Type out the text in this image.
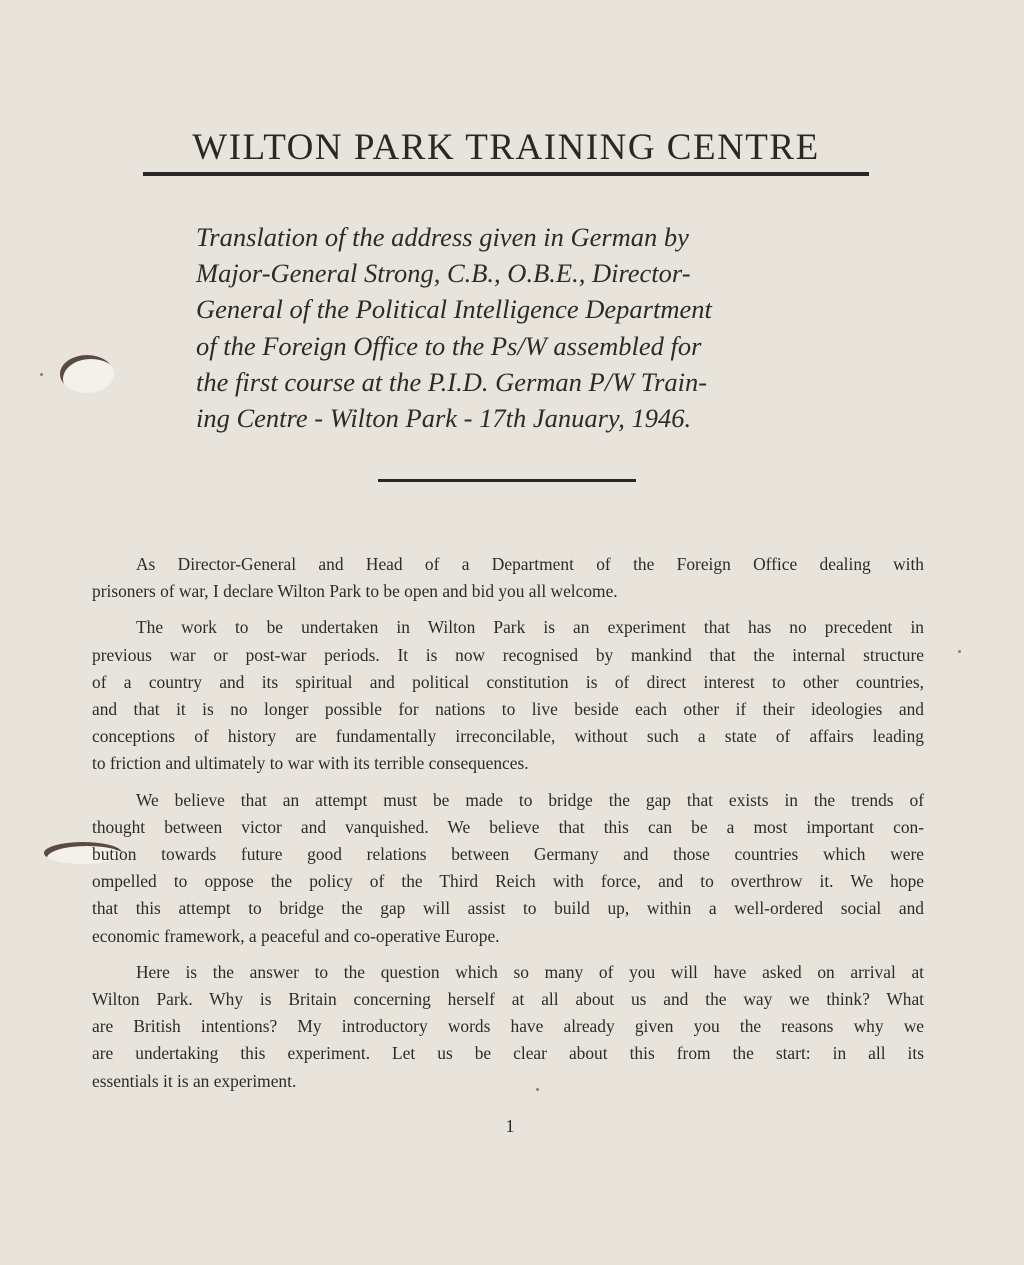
WILTON PARK TRAINING CENTRE
Translation of the address given in German by
Major-General Strong, C.B., O.B.E., Director-
General of the Political Intelligence Department
of the Foreign Office to the Ps/W assembled for
the first course at the P.I.D. German P/W Train-
ing Centre - Wilton Park - 17th January, 1946.
As Director-General and Head of a Department of the Foreign Office dealing with
prisoners of war, I declare Wilton Park to be open and bid you all welcome.
The work to be undertaken in Wilton Park is an experiment that has no precedent in
previous war or post-war periods. It is now recognised by mankind that the internal structure
of a country and its spiritual and political constitution is of direct interest to other countries,
and that it is no longer possible for nations to live beside each other if their ideologies and
conceptions of history are fundamentally irreconcilable, without such a state of affairs leading
to friction and ultimately to war with its terrible consequences.
We believe that an attempt must be made to bridge the gap that exists in the trends of
thought between victor and vanquished. We believe that this can be a most important con-
bution towards future good relations between Germany and those countries which were
ompelled to oppose the policy of the Third Reich with force, and to overthrow it. We hope
that this attempt to bridge the gap will assist to build up, within a well-ordered social and
economic framework, a peaceful and co-operative Europe.
Here is the answer to the question which so many of you will have asked on arrival at
Wilton Park. Why is Britain concerning herself at all about us and the way we think? What
are British intentions? My introductory words have already given you the reasons why we
are undertaking this experiment. Let us be clear about this from the start: in all its
essentials it is an experiment.
1
